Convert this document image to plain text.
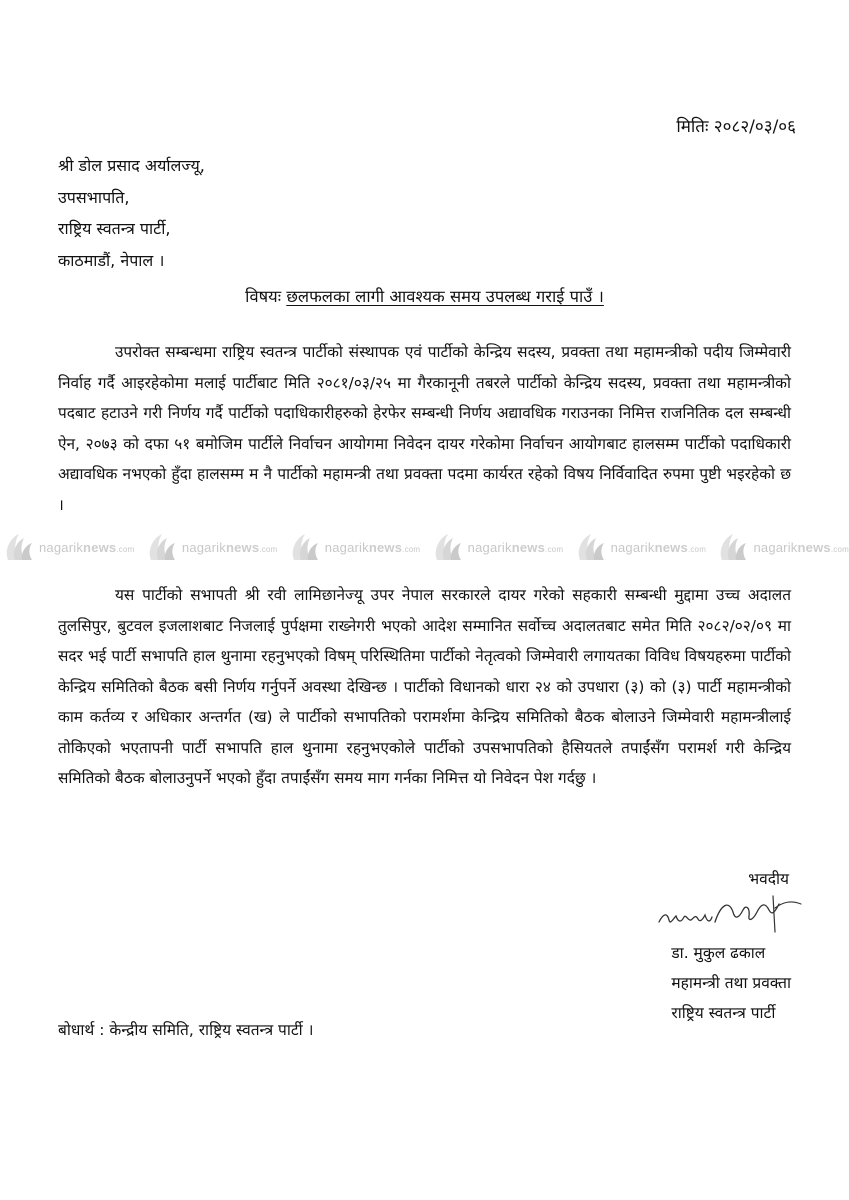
मितिः २०८२/०३/०६
श्री डोल प्रसाद अर्यालज्यू,
उपसभापति,
राष्ट्रिय स्वतन्त्र पार्टी,
काठमाडौं, नेपाल ।
विषयः छलफलका लागी आवश्यक समय उपलब्ध गराई पाउँ ।

उपरोक्त सम्बन्धमा राष्ट्रिय स्वतन्त्र पार्टीको संस्थापक एवं पार्टीको केन्द्रिय सदस्य, प्रवक्ता तथा महामन्त्रीको पदीय जिम्मेवारी निर्वाह गर्दै आइरहेकोमा मलाई पार्टीबाट मिति २०८१/०३/२५ मा गैरकानूनी तबरले पार्टीको केन्द्रिय सदस्य, प्रवक्ता तथा महामन्त्रीको पदबाट हटाउने गरी निर्णय गर्दै पार्टीको पदाधिकारीहरुको हेरफेर सम्बन्धी निर्णय अद्यावधिक गराउनका निमित्त राजनितिक दल सम्बन्धी ऐन, २०७३ को दफा ५१ बमोजिम पार्टीले निर्वाचन आयोगमा निवेदन दायर गरेकोमा निर्वाचन आयोगबाट हालसम्म पार्टीको पदाधिकारी अद्यावधिक नभएको हुँदा हालसम्म म नै पार्टीको महामन्त्री तथा प्रवक्ता पदमा कार्यरत रहेको विषय निर्विवादित रुपमा पुष्टी भइरहेको छ ।

nagariknews.com	nagariknews.com	nagariknews.com	nagariknews.com	nagariknews.com	nagariknews.com

यस पार्टीको सभापती श्री रवी लामिछानेज्यू उपर नेपाल सरकारले दायर गरेको सहकारी सम्बन्धी मुद्दामा उच्च अदालत तुलसिपुर, बुटवल इजलाशबाट निजलाई पुर्पक्षमा राख्नेगरी भएको आदेश सम्मानित सर्वोच्च अदालतबाट समेत मिति २०८२/०२/०९ मा सदर भई पार्टी सभापति हाल थुनामा रहनुभएको विषम् परिस्थितिमा पार्टीको नेतृत्वको जिम्मेवारी लगायतका विविध विषयहरुमा पार्टीको केन्द्रिय समितिको बैठक बसी निर्णय गर्नुपर्ने अवस्था देखिन्छ । पार्टीको विधानको धारा २४ को उपधारा (३) को (३) पार्टी महामन्त्रीको काम कर्तव्य र अधिकार अन्तर्गत (ख) ले पार्टीको सभापतिको परामर्शमा केन्द्रिय समितिको बैठक बोलाउने जिम्मेवारी महामन्त्रीलाई तोकिएको भएतापनी पार्टी सभापति हाल थुनामा रहनुभएकोले पार्टीको उपसभापतिको हैसियतले तपाईंसँग परामर्श गरी केन्द्रिय समितिको बैठक बोलाउनुपर्ने भएको हुँदा तपाईंसँग समय माग गर्नका निमित्त यो निवेदन पेश गर्दछु ।

भवदीय
डा. मुकुल ढकाल
महामन्त्री तथा प्रवक्ता
राष्ट्रिय स्वतन्त्र पार्टी
बोधार्थ : केन्द्रीय समिति, राष्ट्रिय स्वतन्त्र पार्टी ।
